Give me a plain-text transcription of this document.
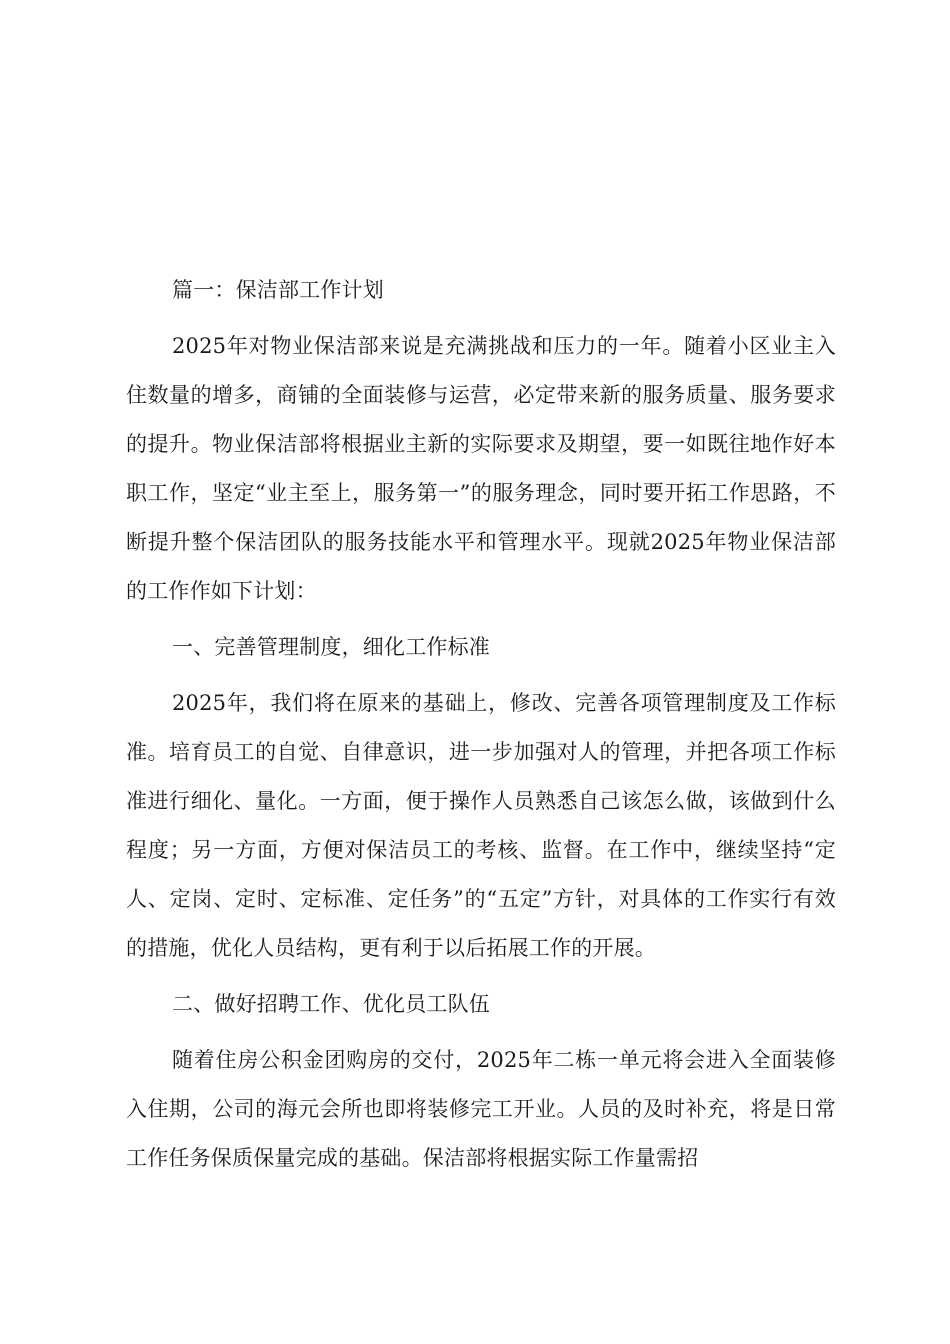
篇一：保洁部工作计划

2025年对物业保洁部来说是充满挑战和压力的一年。随着小区业主入住数量的增多，商铺的全面装修与运营，必定带来新的服务质量、服务要求的提升。物业保洁部将根据业主新的实际要求及期望，要一如既往地作好本职工作，坚定“业主至上，服务第一”的服务理念，同时要开拓工作思路，不断提升整个保洁团队的服务技能水平和管理水平。现就2025年物业保洁部的工作作如下计划：

一、完善管理制度，细化工作标准

2025年，我们将在原来的基础上，修改、完善各项管理制度及工作标准。培育员工的自觉、自律意识，进一步加强对人的管理，并把各项工作标准进行细化、量化。一方面，便于操作人员熟悉自己该怎么做，该做到什么程度；另一方面，方便对保洁员工的考核、监督。在工作中，继续坚持“定人、定岗、定时、定标准、定任务”的“五定”方针，对具体的工作实行有效的措施，优化人员结构，更有利于以后拓展工作的开展。

二、做好招聘工作、优化员工队伍

随着住房公积金团购房的交付，2025年二栋一单元将会进入全面装修入住期，公司的海元会所也即将装修完工开业。人员的及时补充，将是日常工作任务保质保量完成的基础。保洁部将根据实际工作量需招
